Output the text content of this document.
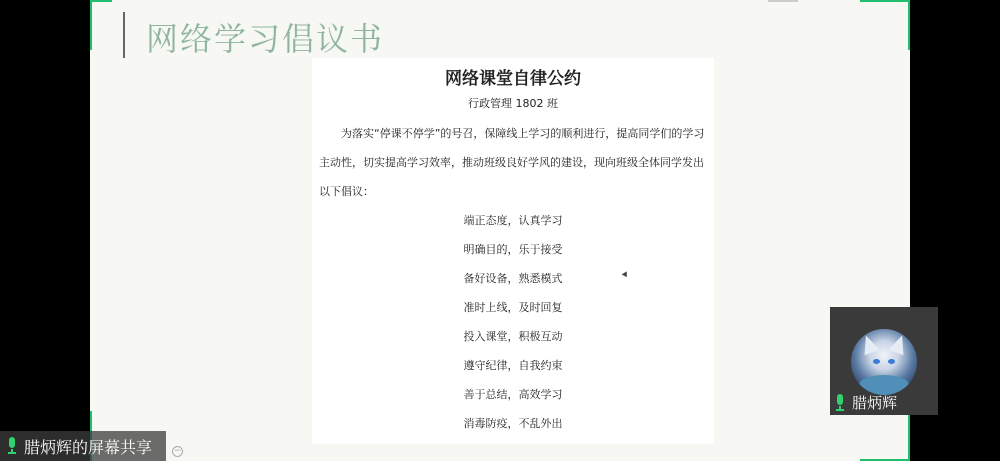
网络学习倡议书
网络课堂自律公约
行政管理 1802 班
为落实“停课不停学”的号召，保障线上学习的顺利进行，提高同学们的学习
主动性，切实提高学习效率，推动班级良好学风的建设，现向班级全体同学发出
以下倡议：
端正态度，认真学习
明确目的，乐于接受
备好设备，熟悉模式
准时上线，及时回复
投入课堂，积极互动
遵守纪律，自我约束
善于总结，高效学习
消毒防疫，不乱外出
腊炳辉的屏幕共享 −
腊炳辉
